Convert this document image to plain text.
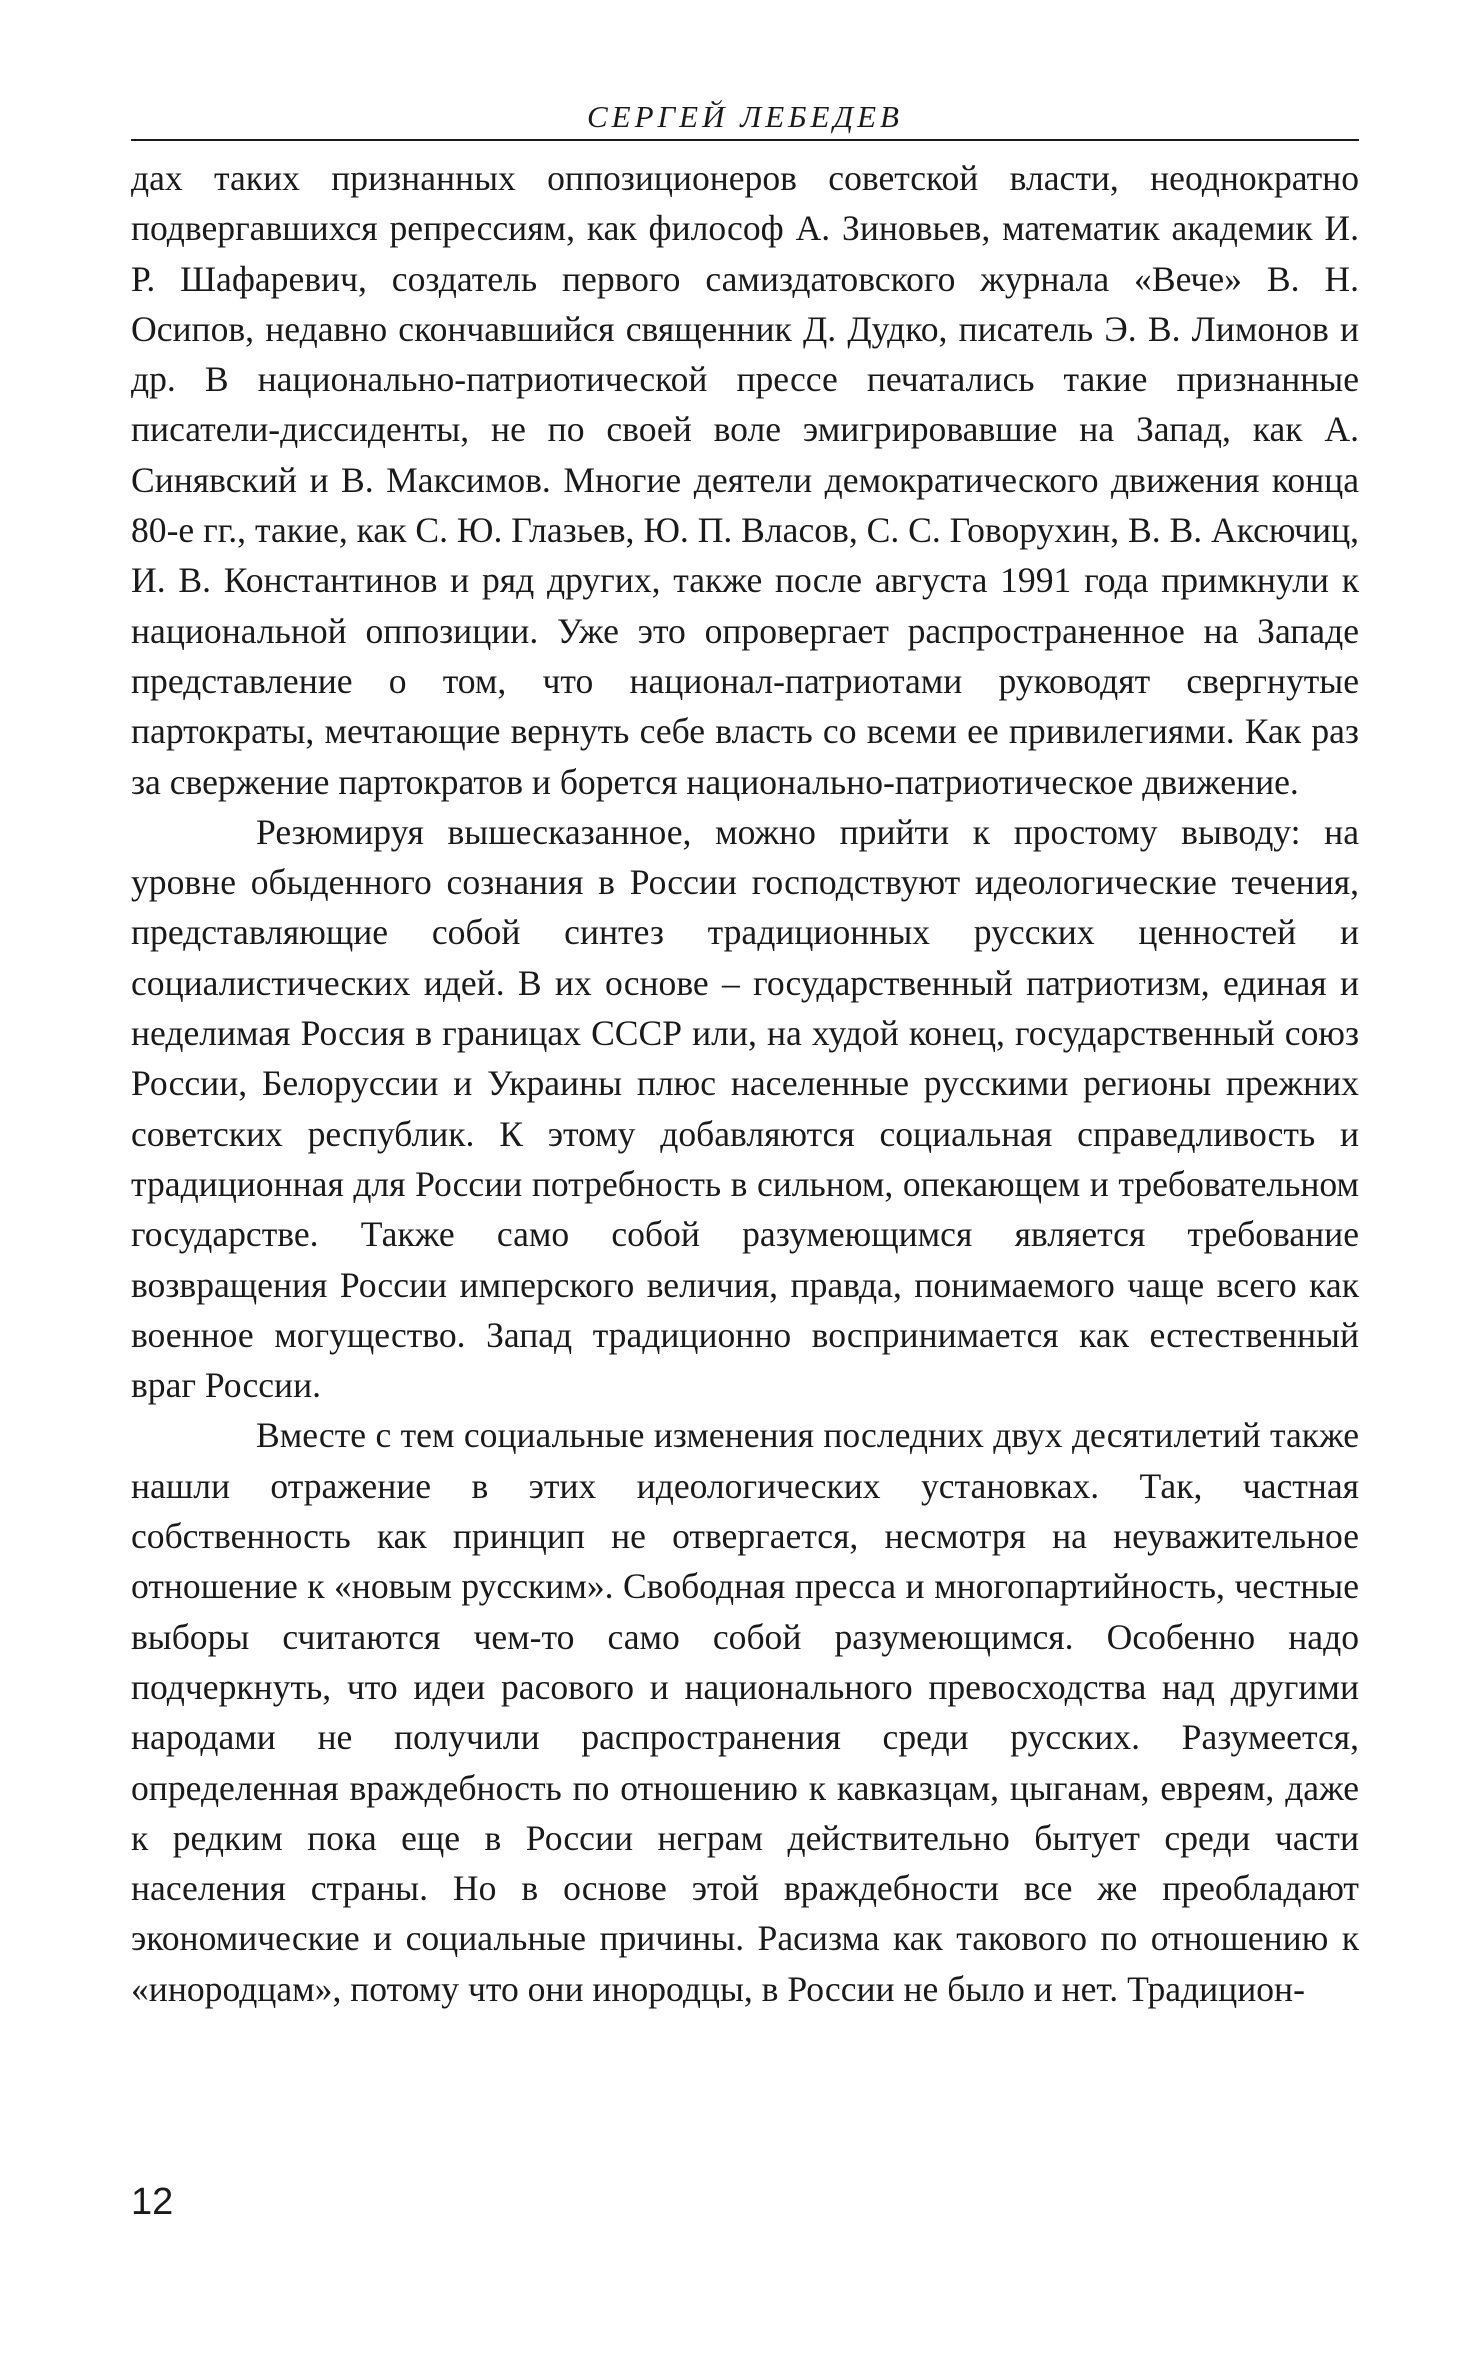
СЕРГЕЙ ЛЕБЕДЕВ

дах таких признанных оппозиционеров советской власти, неоднократно подвергавшихся репрессиям, как философ А. Зиновьев, математик академик И. Р. Шафаревич, создатель первого самиздатовского журнала «Вече» В. Н. Осипов, недавно скончавшийся священник Д. Дудко, писатель Э. В. Лимонов и др. В национально-патриотической прессе печатались такие признанные писатели-диссиденты, не по своей воле эмигрировавшие на Запад, как А. Синявский и В. Максимов. Многие деятели демократического движения конца 80-е гг., такие, как С. Ю. Глазьев, Ю. П. Власов, С. С. Говорухин, В. В. Аксючиц, И. В. Константинов и ряд других, также после августа 1991 года примкнули к национальной оппозиции. Уже это опровергает распространенное на Западе представление о том, что национал-патриотами руководят свергнутые партократы, мечтающие вернуть себе власть со всеми ее привилегиями. Как раз за свержение партократов и борется национально-патриотическое движение.

Резюмируя вышесказанное, можно прийти к простому выводу: на уровне обыденного сознания в России господствуют идеологические течения, представляющие собой синтез традиционных русских ценностей и социалистических идей. В их основе – государственный патриотизм, единая и неделимая Россия в границах СССР или, на худой конец, государственный союз России, Белоруссии и Украины плюс населенные русскими регионы прежних советских республик. К этому добавляются социальная справедливость и традиционная для России потребность в сильном, опекающем и требовательном государстве. Также само собой разумеющимся является требование возвращения России имперского величия, правда, понимаемого чаще всего как военное могущество. Запад традиционно воспринимается как естественный враг России.

Вместе с тем социальные изменения последних двух десятилетий также нашли отражение в этих идеологических установках. Так, частная собственность как принцип не отвергается, несмотря на неуважительное отношение к «новым русским». Свободная пресса и многопартийность, честные выборы считаются чем-то само собой разумеющимся. Особенно надо подчеркнуть, что идеи расового и национального превосходства над другими народами не получили распространения среди русских. Разумеется, определенная враждебность по отношению к кавказцам, цыганам, евреям, даже к редким пока еще в России неграм действительно бытует среди части населения страны. Но в основе этой враждебности все же преобладают экономические и социальные причины. Расизма как такового по отношению к «инородцам», потому что они инородцы, в России не было и нет. Традицион-

12
